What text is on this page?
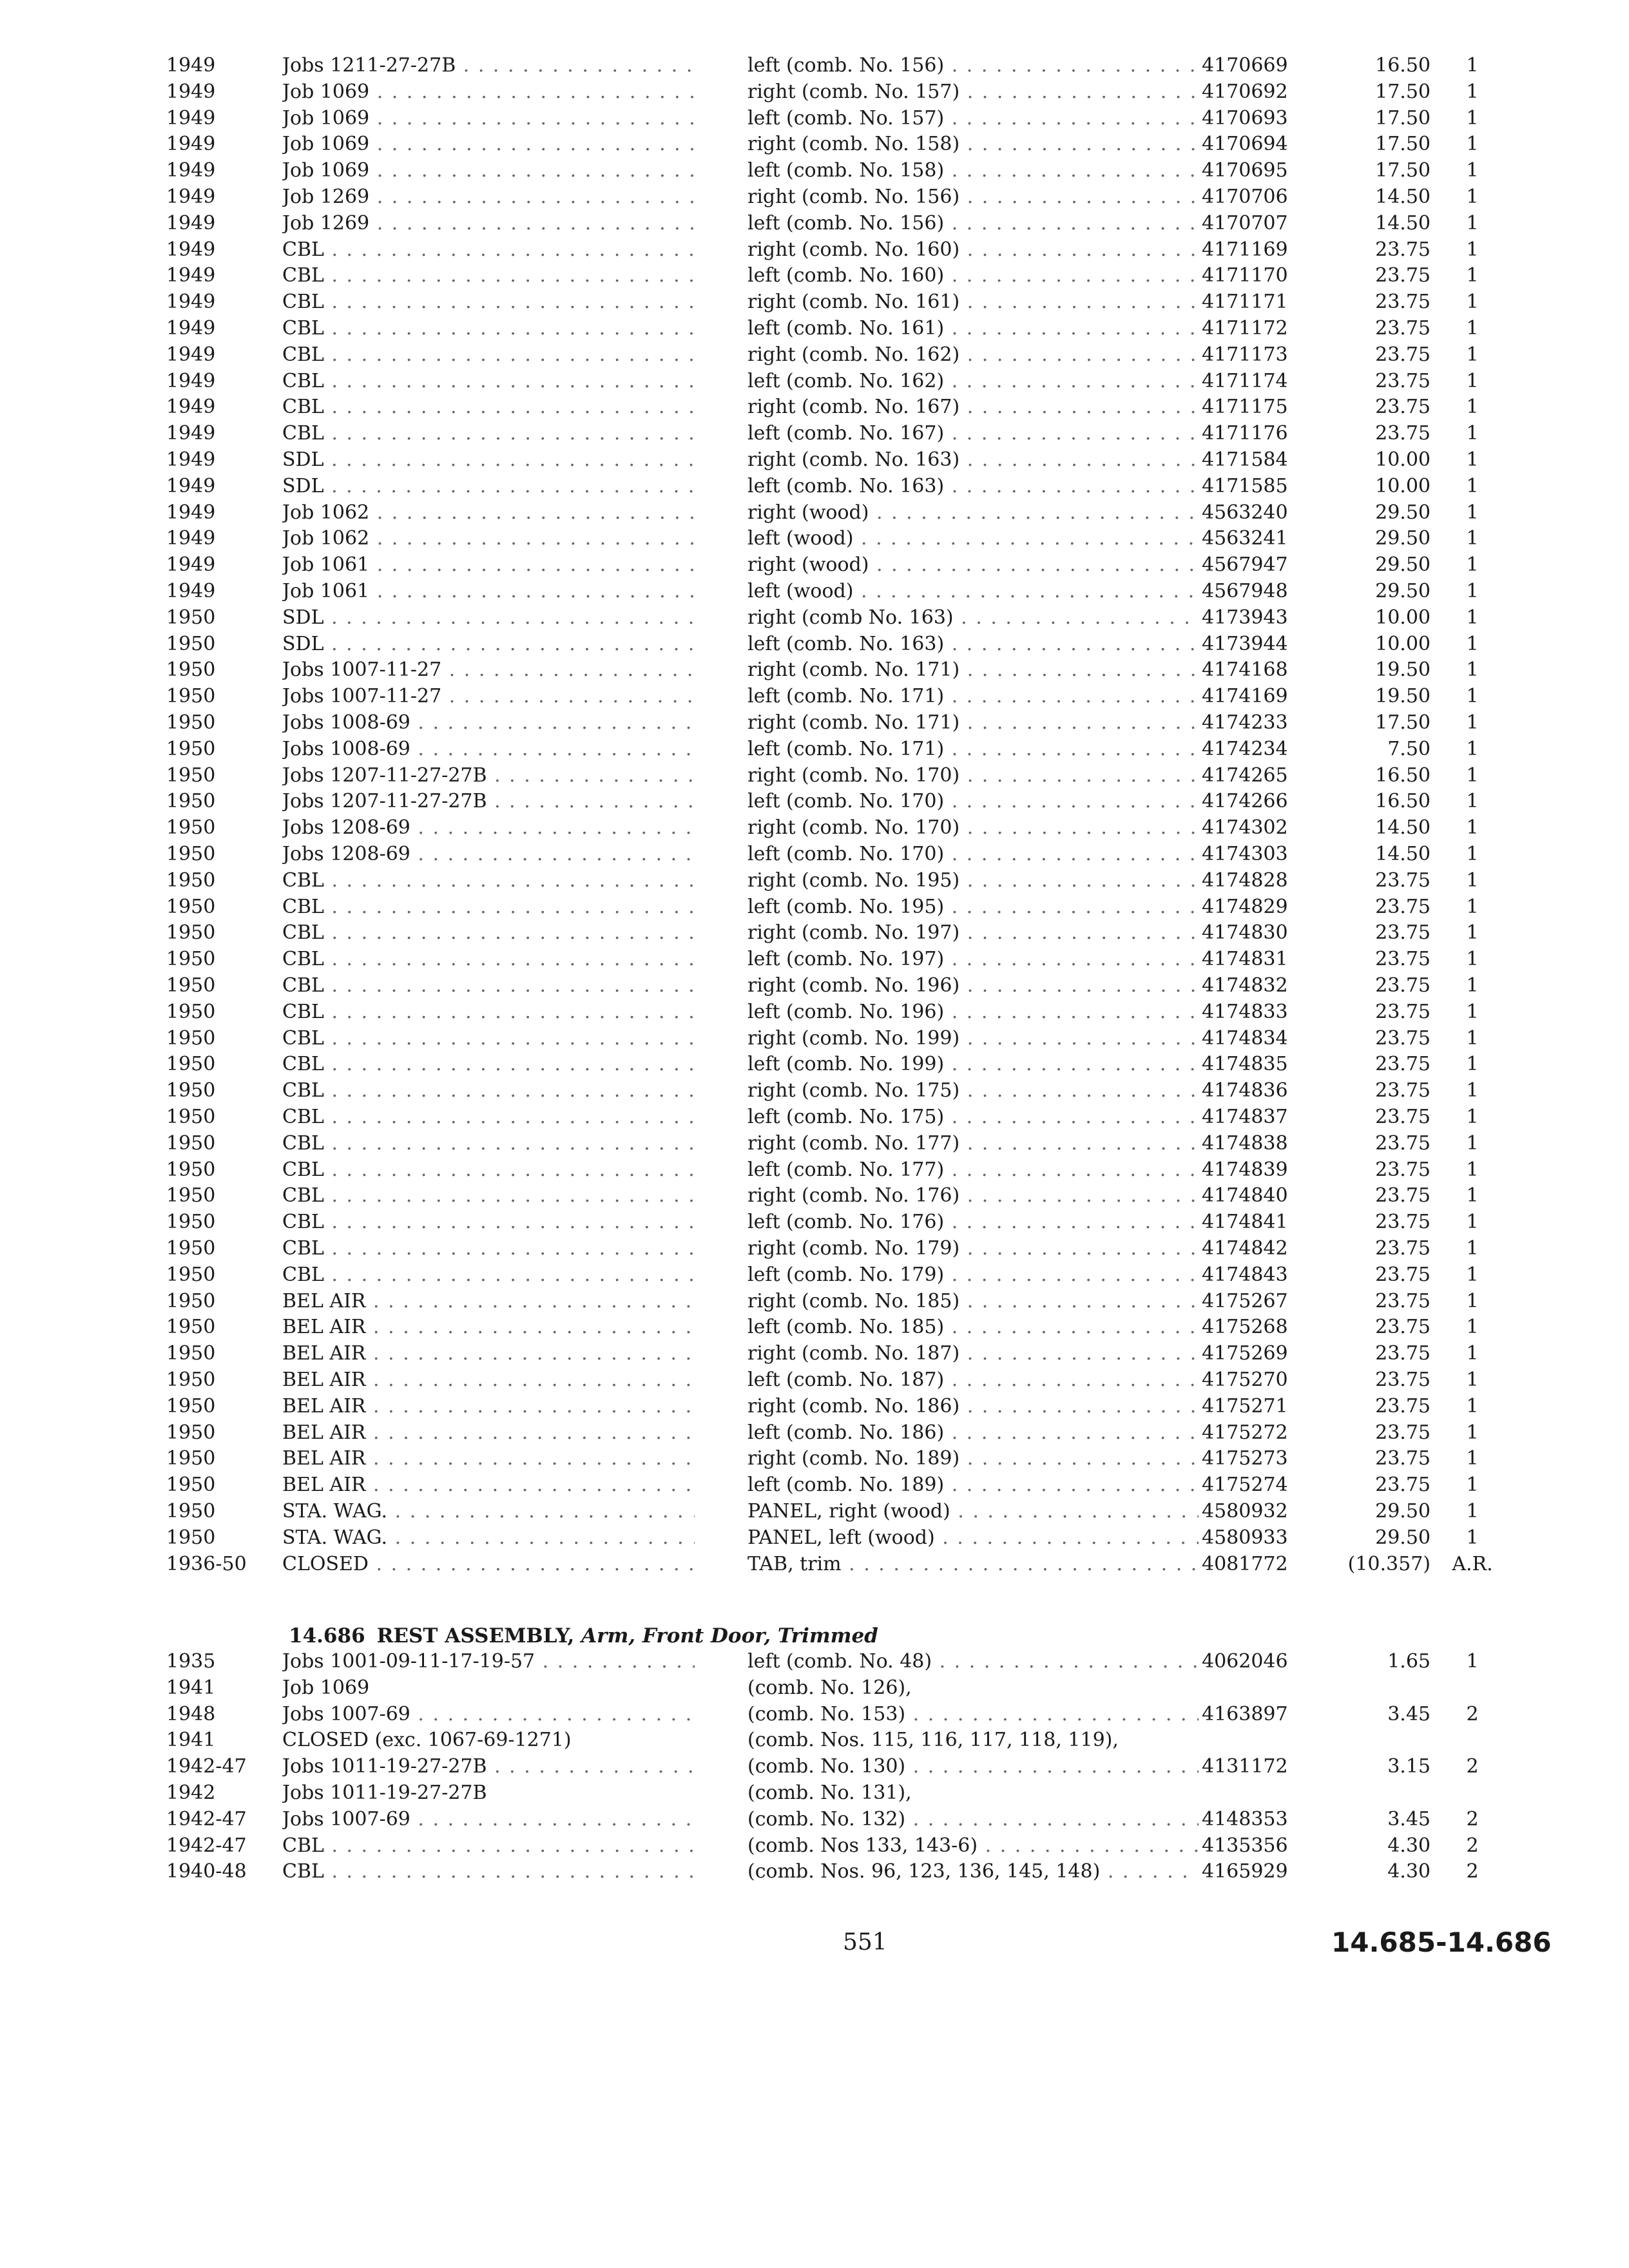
1949	Jobs 1211-27-27B . . .	left (comb. No. 156) . . .	4170669	16.50	1
1949	Job 1069 . . .	right (comb. No. 157) . . .	4170692	17.50	1
1949	Job 1069 . . .	left (comb. No. 157) . . .	4170693	17.50	1
1949	Job 1069 . . .	right (comb. No. 158) . . .	4170694	17.50	1
1949	Job 1069 . . .	left (comb. No. 158) . . .	4170695	17.50	1
1949	Job 1269 . . .	right (comb. No. 156) . . .	4170706	14.50	1
1949	Job 1269 . . .	left (comb. No. 156) . . .	4170707	14.50	1
1949	CBL . . .	right (comb. No. 160) . . .	4171169	23.75	1
1949	CBL . . .	left (comb. No. 160) . . .	4171170	23.75	1
1949	CBL . . .	right (comb. No. 161) . . .	4171171	23.75	1
1949	CBL . . .	left (comb. No. 161) . . .	4171172	23.75	1
1949	CBL . . .	right (comb. No. 162) . . .	4171173	23.75	1
1949	CBL . . .	left (comb. No. 162) . . .	4171174	23.75	1
1949	CBL . . .	right (comb. No. 167) . . .	4171175	23.75	1
1949	CBL . . .	left (comb. No. 167) . . .	4171176	23.75	1
1949	SDL . . .	right (comb. No. 163) . . .	4171584	10.00	1
1949	SDL . . .	left (comb. No. 163) . . .	4171585	10.00	1
1949	Job 1062 . . .	right (wood) . . .	4563240	29.50	1
1949	Job 1062 . . .	left (wood) . . .	4563241	29.50	1
1949	Job 1061 . . .	right (wood) . . .	4567947	29.50	1
1949	Job 1061 . . .	left (wood) . . .	4567948	29.50	1
1950	SDL . . .	right (comb No. 163) . . .	4173943	10.00	1
1950	SDL . . .	left (comb. No. 163) . . .	4173944	10.00	1
1950	Jobs 1007-11-27 . . .	right (comb. No. 171) . . .	4174168	19.50	1
1950	Jobs 1007-11-27 . . .	left (comb. No. 171) . . .	4174169	19.50	1
1950	Jobs 1008-69 . . .	right (comb. No. 171) . . .	4174233	17.50	1
1950	Jobs 1008-69 . . .	left (comb. No. 171) . . .	4174234	7.50	1
1950	Jobs 1207-11-27-27B . . .	right (comb. No. 170) . . .	4174265	16.50	1
1950	Jobs 1207-11-27-27B . . .	left (comb. No. 170) . . .	4174266	16.50	1
1950	Jobs 1208-69 . . .	right (comb. No. 170) . . .	4174302	14.50	1
1950	Jobs 1208-69 . . .	left (comb. No. 170) . . .	4174303	14.50	1
1950	CBL . . .	right (comb. No. 195) . . .	4174828	23.75	1
1950	CBL . . .	left (comb. No. 195) . . .	4174829	23.75	1
1950	CBL . . .	right (comb. No. 197) . . .	4174830	23.75	1
1950	CBL . . .	left (comb. No. 197) . . .	4174831	23.75	1
1950	CBL . . .	right (comb. No. 196) . . .	4174832	23.75	1
1950	CBL . . .	left (comb. No. 196) . . .	4174833	23.75	1
1950	CBL . . .	right (comb. No. 199) . . .	4174834	23.75	1
1950	CBL . . .	left (comb. No. 199) . . .	4174835	23.75	1
1950	CBL . . .	right (comb. No. 175) . . .	4174836	23.75	1
1950	CBL . . .	left (comb. No. 175) . . .	4174837	23.75	1
1950	CBL . . .	right (comb. No. 177) . . .	4174838	23.75	1
1950	CBL . . .	left (comb. No. 177) . . .	4174839	23.75	1
1950	CBL . . .	right (comb. No. 176) . . .	4174840	23.75	1
1950	CBL . . .	left (comb. No. 176) . . .	4174841	23.75	1
1950	CBL . . .	right (comb. No. 179) . . .	4174842	23.75	1
1950	CBL . . .	left (comb. No. 179) . . .	4174843	23.75	1
1950	BEL AIR . . .	right (comb. No. 185) . . .	4175267	23.75	1
1950	BEL AIR . . .	left (comb. No. 185) . . .	4175268	23.75	1
1950	BEL AIR . . .	right (comb. No. 187) . . .	4175269	23.75	1
1950	BEL AIR . . .	left (comb. No. 187) . . .	4175270	23.75	1
1950	BEL AIR . . .	right (comb. No. 186) . . .	4175271	23.75	1
1950	BEL AIR . . .	left (comb. No. 186) . . .	4175272	23.75	1
1950	BEL AIR . . .	right (comb. No. 189) . . .	4175273	23.75	1
1950	BEL AIR . . .	left (comb. No. 189) . . .	4175274	23.75	1
1950	STA. WAG. . . .	PANEL, right (wood) . . .	4580932	29.50	1
1950	STA. WAG. . . .	PANEL, left (wood) . . .	4580933	29.50	1
1936-50	CLOSED . . .	TAB, trim . . .	4081772	(10.357)	A.R.
14.686 REST ASSEMBLY, Arm, Front Door, Trimmed
1935	Jobs 1001-09-11-17-19-57 . . .	left (comb. No. 48) . . .	4062046	1.65	1
1941	Job 1069	(comb. No. 126),
1948	Jobs 1007-69 . . .	(comb. No. 153) . . .	4163897	3.45	2
1941	CLOSED (exc. 1067-69-1271)	(comb. Nos. 115, 116, 117, 118, 119),
1942-47	Jobs 1011-19-27-27B . . .	(comb. No. 130) . . .	4131172	3.15	2
1942	Jobs 1011-19-27-27B	(comb. No. 131),
1942-47	Jobs 1007-69 . . .	(comb. No. 132) . . .	4148353	3.45	2
1942-47	CBL . . .	(comb. Nos 133, 143-6) . . .	4135356	4.30	2
1940-48	CBL . . .	(comb. Nos. 96, 123, 136, 145, 148) . . .	4165929	4.30	2
551	14.685-14.686
